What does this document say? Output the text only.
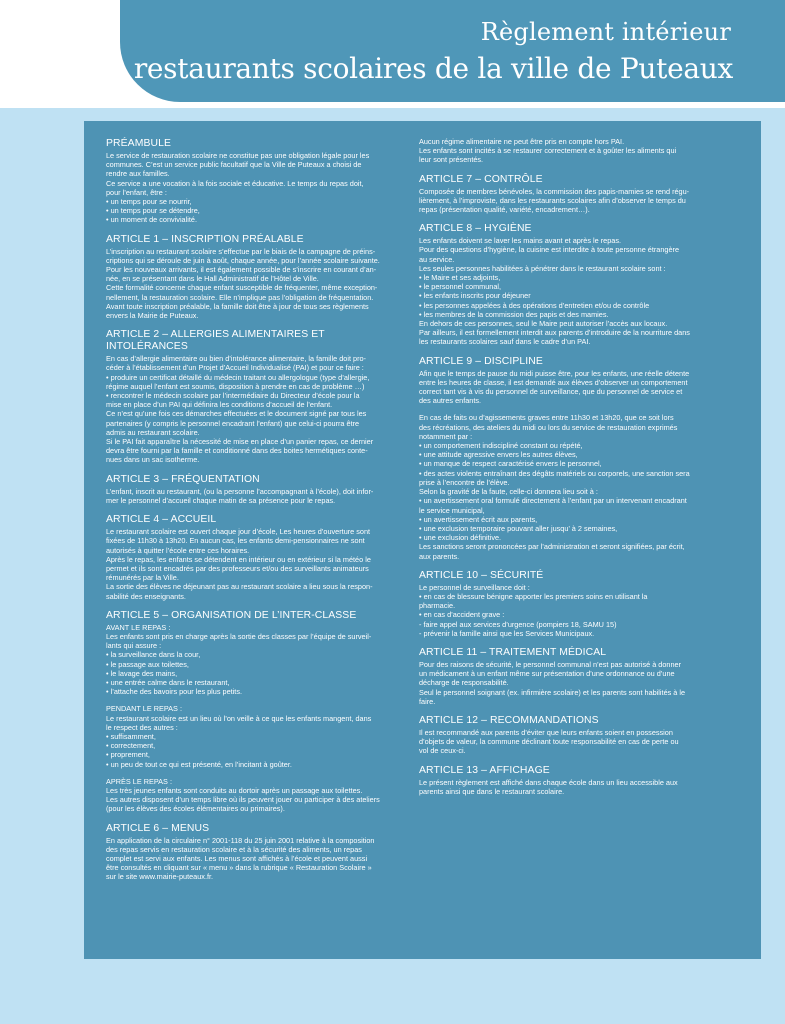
Règlement intérieur
des restaurants scolaires de la ville de Puteaux
PRÉAMBULE
Le service de restauration scolaire ne constitue pas une obligation légale pour les
communes. C’est un service public facultatif que la Ville de Puteaux a choisi de
rendre aux familles.
Ce service a une vocation à la fois sociale et éducative. Le temps du repas doit,
pour l’enfant, être :
• un temps pour se nourrir,
• un temps pour se détendre,
• un moment de convivialité.
ARTICLE 1 – INSCRIPTION PRÉALABLE
L’inscription au restaurant scolaire s’effectue par le biais de la campagne de préins-
criptions qui se déroule de juin à août, chaque année, pour l’année scolaire suivante.
Pour les nouveaux arrivants, il est également possible de s’inscrire en courant d’an-
née, en se présentant dans le Hall Administratif de l’Hôtel de Ville.
Cette formalité concerne chaque enfant susceptible de fréquenter, même exception-
nellement, la restauration scolaire. Elle n’implique pas l’obligation de fréquentation.
Avant toute inscription préalable, la famille doit être à jour de tous ses règlements
envers la Mairie de Puteaux.
ARTICLE 2 – ALLERGIES ALIMENTAIRES ET INTOLÉRANCES
En cas d’allergie alimentaire ou bien d’intolérance alimentaire, la famille doit pro-
céder à l’établissement d’un Projet d’Accueil Individualisé (PAI) et pour ce faire :
• produire un certificat détaillé du médecin traitant ou allergologue (type d’allergie,
régime auquel l’enfant est soumis, disposition à prendre en cas de problème …)
• rencontrer le médecin scolaire par l’intermédiaire du Directeur d’école pour la
mise en place d’un PAI qui définira les conditions d’accueil de l’enfant.
Ce n’est qu’une fois ces démarches effectuées et le document signé par tous les
partenaires (y compris le personnel encadrant l’enfant) que celui-ci pourra être
admis au restaurant scolaire.
Si le PAI fait apparaître la nécessité de mise en place d’un panier repas, ce dernier
devra être fourni par la famille et conditionné dans des boites hermétiques conte-
nues dans un sac isotherme.
ARTICLE 3 – FRÉQUENTATION
L’enfant, inscrit au restaurant, (ou la personne l’accompagnant à l’école), doit infor-
mer le personnel d’accueil chaque matin de sa présence pour le repas.
ARTICLE 4 – ACCUEIL
Le restaurant scolaire est ouvert chaque jour d’école, Les heures d’ouverture sont
fixées de 11h30 à 13h20. En aucun cas, les enfants demi-pensionnaires ne sont
autorisés à quitter l’école entre ces horaires.
Après le repas, les enfants se détendent en intérieur ou en extérieur si la météo le
permet et ils sont encadrés par des professeurs et/ou des surveillants animateurs
rémunérés par la Ville.
La sortie des élèves ne déjeunant pas au restaurant scolaire a lieu sous la respon-
sabilité des enseignants.
ARTICLE 5 – ORGANISATION DE L’INTER-CLASSE
AVANT LE REPAS :
Les enfants sont pris en charge après la sortie des classes par l’équipe de surveil-
lants qui assure :
• la surveillance dans la cour,
• le passage aux toilettes,
• le lavage des mains,
• une entrée calme dans le restaurant,
• l’attache des bavoirs pour les plus petits.
PENDANT LE REPAS :
Le restaurant scolaire est un lieu où l’on veille à ce que les enfants mangent, dans
le respect des autres :
• suffisamment,
• correctement,
• proprement,
• un peu de tout ce qui est présenté, en l’incitant à goûter.
APRÈS LE REPAS :
Les très jeunes enfants sont conduits au dortoir après un passage aux toilettes.
Les autres disposent d’un temps libre où ils peuvent jouer ou participer à des ateliers
(pour les élèves des écoles élémentaires ou primaires).
ARTICLE 6 – MENUS
En application de la circulaire n° 2001-118 du 25 juin 2001 relative à la composition
des repas servis en restauration scolaire et à la sécurité des aliments, un repas
complet est servi aux enfants. Les menus sont affichés à l’école et peuvent aussi
être consultés en cliquant sur « menu » dans la rubrique « Restauration Scolaire »
sur le site www.mairie-puteaux.fr.
Aucun régime alimentaire ne peut être pris en compte hors PAI.
Les enfants sont incités à se restaurer correctement et à goûter les aliments qui
leur sont présentés.
ARTICLE 7 – CONTRÔLE
Composée de membres bénévoles, la commission des papis-mamies se rend régu-
lièrement, à l’improviste, dans les restaurants scolaires afin d’observer le temps du
repas (présentation qualité, variété, encadrement…).
ARTICLE 8 – HYGIÈNE
Les enfants doivent se laver les mains avant et après le repas.
Pour des questions d’hygiène, la cuisine est interdite à toute personne étrangère
au service.
Les seules personnes habilitées à pénétrer dans le restaurant scolaire sont :
• le Maire et ses adjoints,
• le personnel communal,
• les enfants inscrits pour déjeuner
• les personnes appelées à des opérations d’entretien et/ou de contrôle
• les membres de la commission des papis et des mamies.
En dehors de ces personnes, seul le Maire peut autoriser l’accès aux locaux.
Par ailleurs, il est formellement interdit aux parents d’introduire de la nourriture dans
les restaurants scolaires sauf dans le cadre d’un PAI.
ARTICLE 9 – DISCIPLINE
Afin que le temps de pause du midi puisse être, pour les enfants, une réelle détente
entre les heures de classe, il est demandé aux élèves d’observer un comportement
correct tant vis à vis du personnel de surveillance, que du personnel de service et
des autres enfants.
En cas de faits ou d’agissements graves entre 11h30 et 13h20, que ce soit lors
des récréations, des ateliers du midi ou lors du service de restauration exprimés
notamment par :
• un comportement indiscipliné constant ou répété,
• une attitude agressive envers les autres élèves,
• un manque de respect caractérisé envers le personnel,
• des actes violents entraînant des dégâts matériels ou corporels, une sanction sera
prise à l’encontre de l’élève.
Selon la gravité de la faute, celle-ci donnera lieu soit à :
• un avertissement oral formulé directement à l’enfant par un intervenant encadrant
le service municipal,
• un avertissement écrit aux parents,
• une exclusion temporaire pouvant aller jusqu’ à 2 semaines,
• une exclusion définitive.
Les sanctions seront prononcées par l’administration et seront signifiées, par écrit,
aux parents.
ARTICLE 10 – SÉCURITÉ
Le personnel de surveillance doit :
• en cas de blessure bénigne apporter les premiers soins en utilisant la
pharmacie.
• en cas d’accident grave :
- faire appel aux services d’urgence (pompiers 18, SAMU 15)
- prévenir la famille ainsi que les Services Municipaux.
ARTICLE 11 – TRAITEMENT MÉDICAL
Pour des raisons de sécurité, le personnel communal n’est pas autorisé à donner
un médicament à un enfant même sur présentation d’une ordonnance ou d’une
décharge de responsabilité.
Seul le personnel soignant (ex. infirmière scolaire) et les parents sont habilités à le
faire.
ARTICLE 12 – RECOMMANDATIONS
Il est recommandé aux parents d’éviter que leurs enfants soient en possession
d’objets de valeur, la commune déclinant toute responsabilité en cas de perte ou
vol de ceux-ci.
ARTICLE 13 – AFFICHAGE
Le présent règlement est affiché dans chaque école dans un lieu accessible aux
parents ainsi que dans le restaurant scolaire.
